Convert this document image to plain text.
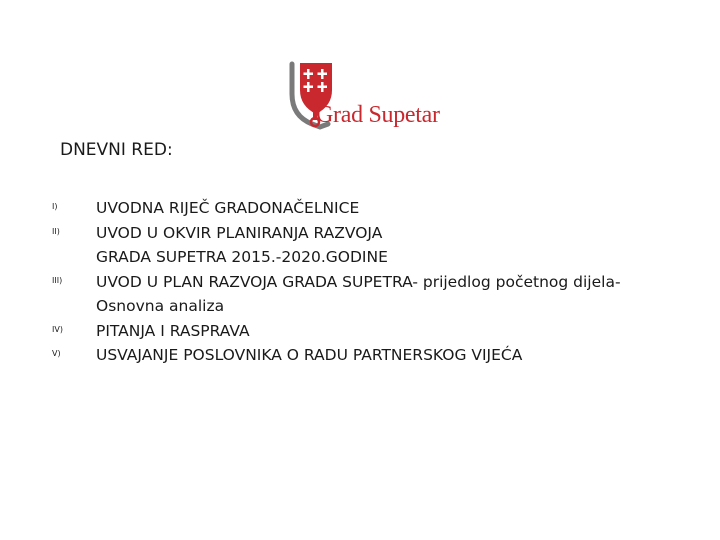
Grad Supetar
DNEVNI RED:
I) UVODNA RIJEČ GRADONAČELNICE
II) UVOD U OKVIR PLANIRANJA RAZVOJA
GRADA SUPETRA 2015.-2020.GODINE
III) UVOD U PLAN RAZVOJA GRADA SUPETRA- prijedlog početnog dijela-
Osnovna analiza
IV) PITANJA I RASPRAVA
V) USVAJANJE POSLOVNIKA O RADU PARTNERSKOG VIJEĆA
